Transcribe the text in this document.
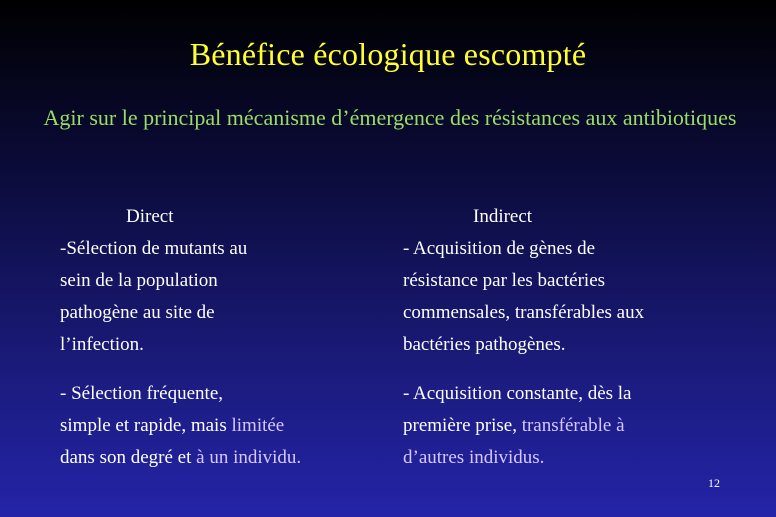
Bénéfice écologique escompté
Agir sur le principal mécanisme d’émergence des résistances aux antibiotiques

Direct

-Sélection de mutants au

sein de la population

pathogène au site de

l’infection.

- Sélection fréquente,

simple et rapide, mais limitée

dans son degré et à un individu.

Indirect

- Acquisition de gènes de

résistance par les bactéries

commensales, transférables aux

bactéries pathogènes.

- Acquisition constante, dès la

première prise, transférable à

d’autres individus.

12
